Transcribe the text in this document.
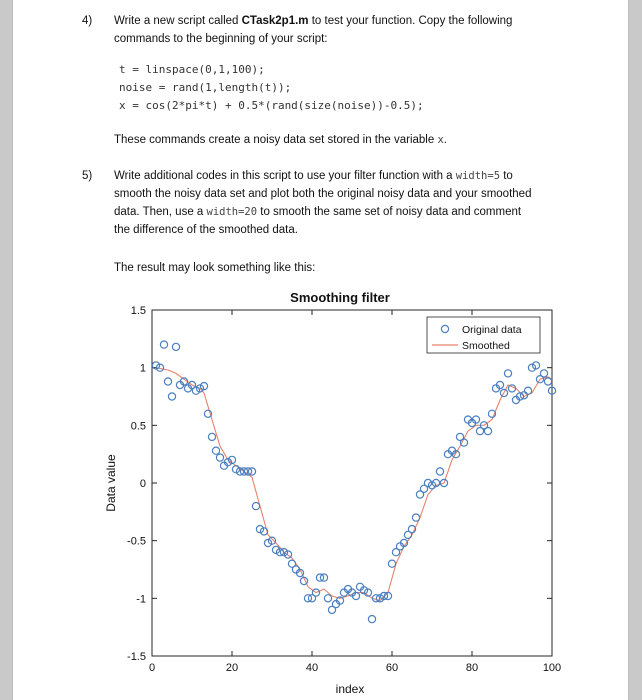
4) Write a new script called CTask2p1.m to test your function. Copy the following
commands to the beginning of your script:

t = linspace(0,1,100);
noise = rand(1,length(t));
x = cos(2*pi*t) + 0.5*(rand(size(noise))-0.5);

These commands create a noisy data set stored in the variable x.

5) Write additional codes in this script to use your filter function with a width=5 to
smooth the noisy data set and plot both the original noisy data and your smoothed
data. Then, use a width=20 to smooth the same set of noisy data and comment
the difference of the smoothed data.

The result may look something like this:

Smoothing filter
0	20	40	60	80	100
-1.5
-1
-0.5
0
0.5
1
1.5
Data value
index
Original data
Smoothed
